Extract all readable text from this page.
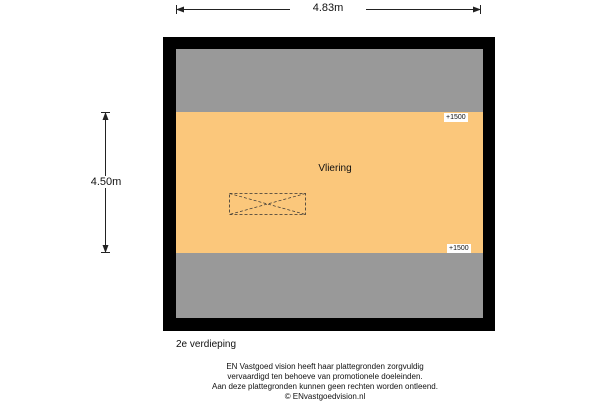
4.83m
4.50m
Vliering
+1500
+1500
2e verdieping
EN Vastgoed vision heeft haar plattegronden zorgvuldig
vervaardigd ten behoeve van promotionele doeleinden.
Aan deze plattegronden kunnen geen rechten worden ontleend.
© ENvastgoedvision.nl
